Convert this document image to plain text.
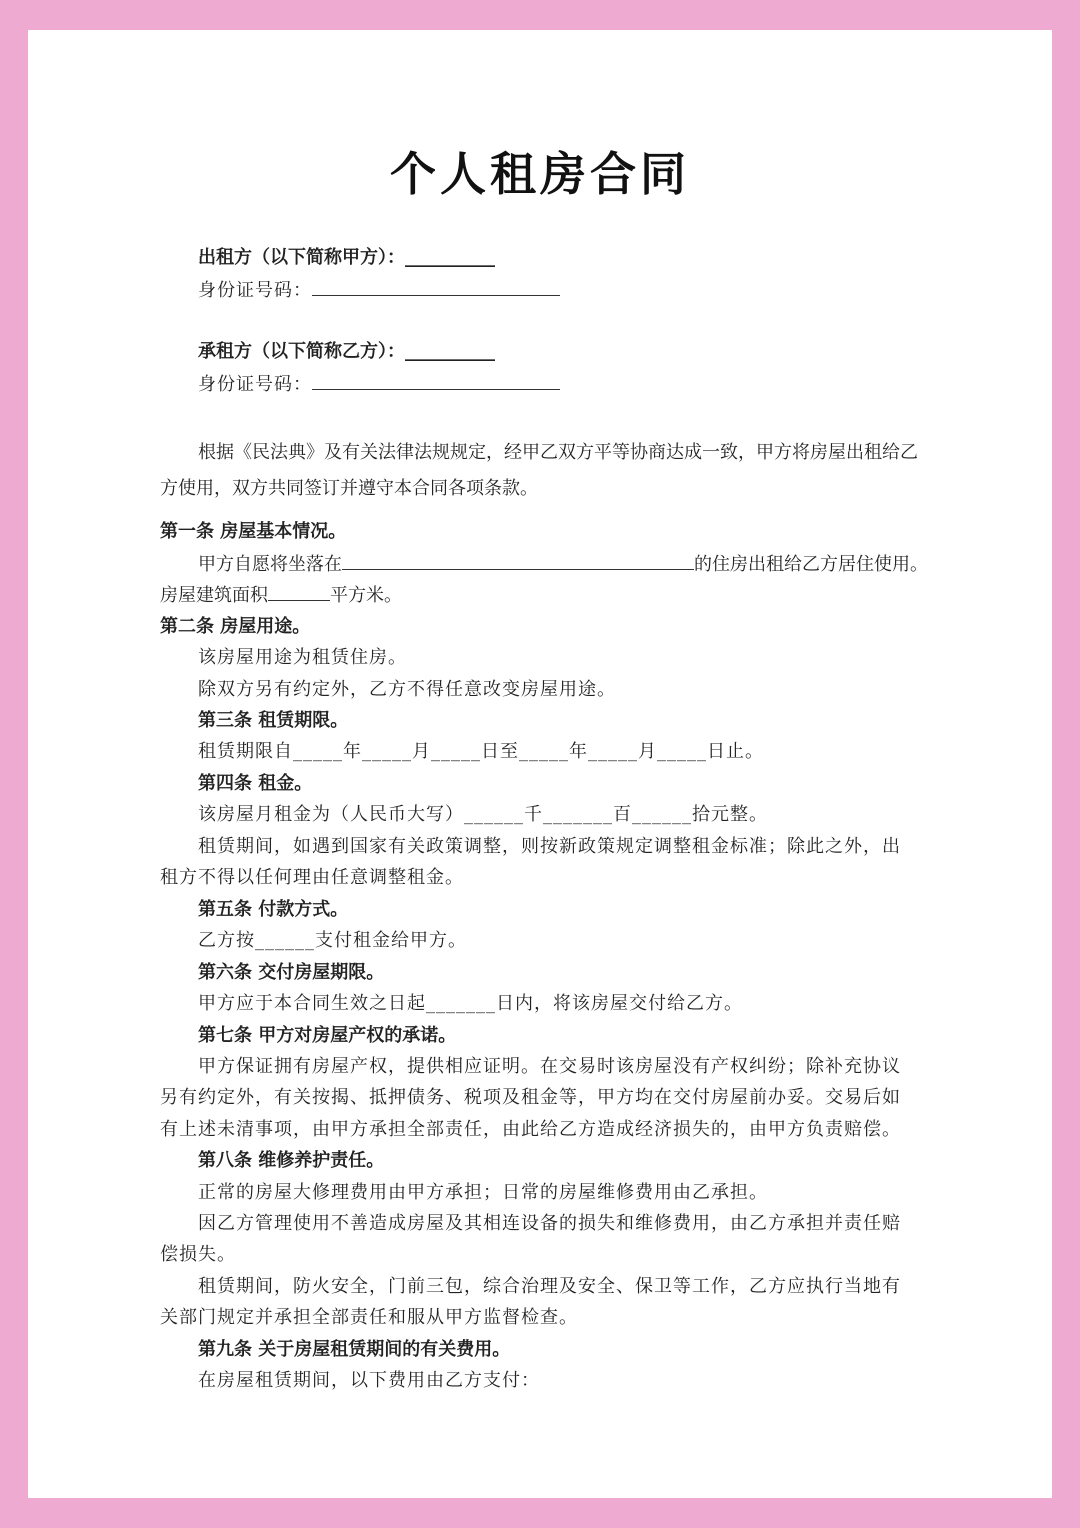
个人租房合同
出租方（以下简称甲方）：__________
身份证号码：
承租方（以下简称乙方）：__________
身份证号码：
根据《民法典》及有关法律法规规定，经甲乙双方平等协商达成一致，甲方将房屋出租给乙
方使用，双方共同签订并遵守本合同各项条款。
第一条 房屋基本情况。
甲方自愿将坐落在	的住房出租给乙方居住使用。
房屋建筑面积	平方米。
第二条 房屋用途。
该房屋用途为租赁住房。
除双方另有约定外，乙方不得任意改变房屋用途。
第三条 租赁期限。
租赁期限自_____年_____月_____日至_____年_____月_____日止。
第四条 租金。
该房屋月租金为（人民币大写）______千_______百______拾元整。
租赁期间，如遇到国家有关政策调整，则按新政策规定调整租金标准；除此之外，出
租方不得以任何理由任意调整租金。
第五条 付款方式。
乙方按______支付租金给甲方。
第六条 交付房屋期限。
甲方应于本合同生效之日起_______日内，将该房屋交付给乙方。
第七条 甲方对房屋产权的承诺。
甲方保证拥有房屋产权，提供相应证明。在交易时该房屋没有产权纠纷；除补充协议
另有约定外，有关按揭、抵押债务、税项及租金等，甲方均在交付房屋前办妥。交易后如
有上述未清事项，由甲方承担全部责任，由此给乙方造成经济损失的，由甲方负责赔偿。
第八条 维修养护责任。
正常的房屋大修理费用由甲方承担；日常的房屋维修费用由乙承担。
因乙方管理使用不善造成房屋及其相连设备的损失和维修费用，由乙方承担并责任赔
偿损失。
租赁期间，防火安全，门前三包，综合治理及安全、保卫等工作，乙方应执行当地有
关部门规定并承担全部责任和服从甲方监督检查。
第九条 关于房屋租赁期间的有关费用。
在房屋租赁期间，以下费用由乙方支付：
